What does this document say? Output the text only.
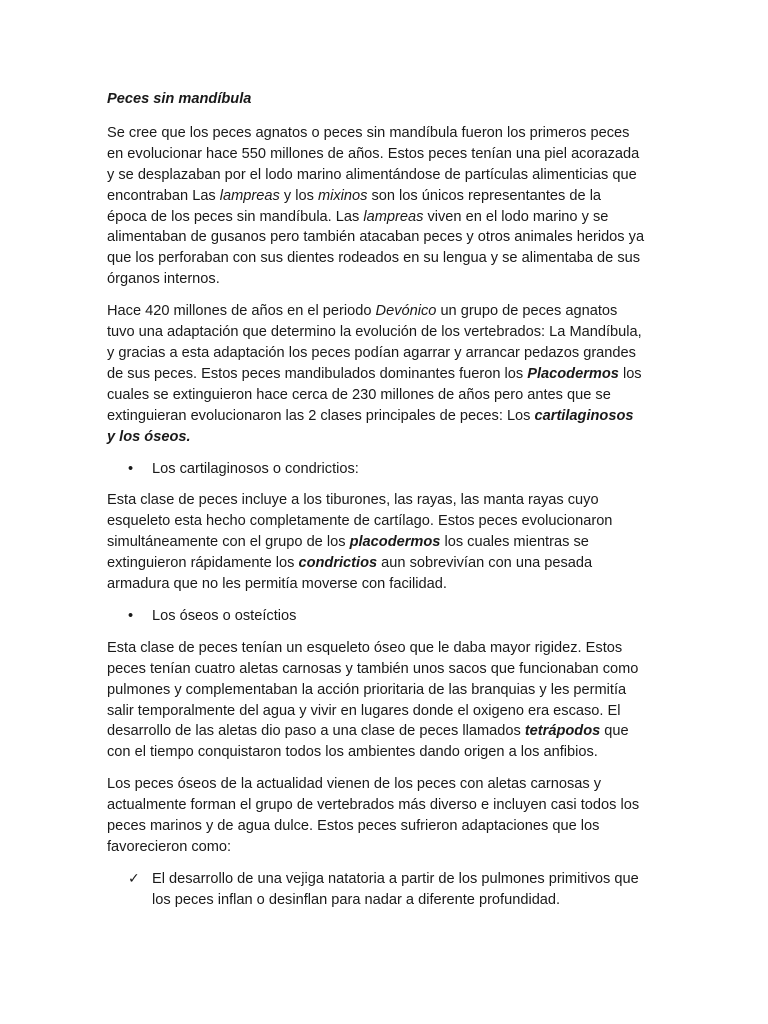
Peces sin mandíbula

Se cree que los peces agnatos o peces sin mandíbula fueron los primeros peces
en evolucionar hace 550 millones de años. Estos peces tenían una piel acorazada
y se desplazaban por el lodo marino alimentándose de partículas alimenticias que
encontraban Las lampreas y los mixinos son los únicos representantes de la
época de los peces sin mandíbula. Las lampreas viven en el lodo marino y se
alimentaban de gusanos pero también atacaban peces y otros animales heridos ya
que los perforaban con sus dientes rodeados en su lengua y se alimentaba de sus
órganos internos.

Hace 420 millones de años en el periodo Devónico un grupo de peces agnatos
tuvo una adaptación que determino la evolución de los vertebrados: La Mandíbula,
y gracias a esta adaptación los peces podían agarrar y arrancar pedazos grandes
de sus peces. Estos peces mandibulados dominantes fueron los Placodermos los
cuales se extinguieron hace cerca de 230 millones de años pero antes que se
extinguieran evolucionaron las 2 clases principales de peces: Los cartilaginosos
y los óseos.

• Los cartilaginosos o condrictios:

Esta clase de peces incluye a los tiburones, las rayas, las manta rayas cuyo
esqueleto esta hecho completamente de cartílago. Estos peces evolucionaron
simultáneamente con el grupo de los placodermos los cuales mientras se
extinguieron rápidamente los condrictios aun sobrevivían con una pesada
armadura que no les permitía moverse con facilidad.

• Los óseos o osteíctios

Esta clase de peces tenían un esqueleto óseo que le daba mayor rigidez. Estos
peces tenían cuatro aletas carnosas y también unos sacos que funcionaban como
pulmones y complementaban la acción prioritaria de las branquias y les permitía
salir temporalmente del agua y vivir en lugares donde el oxigeno era escaso. El
desarrollo de las aletas dio paso a una clase de peces llamados tetrápodos que
con el tiempo conquistaron todos los ambientes dando origen a los anfibios.

Los peces óseos de la actualidad vienen de los peces con aletas carnosas y
actualmente forman el grupo de vertebrados más diverso e incluyen casi todos los
peces marinos y de agua dulce. Estos peces sufrieron adaptaciones que los
favorecieron como:

✓ El desarrollo de una vejiga natatoria a partir de los pulmones primitivos que
los peces inflan o desinflan para nadar a diferente profundidad.
